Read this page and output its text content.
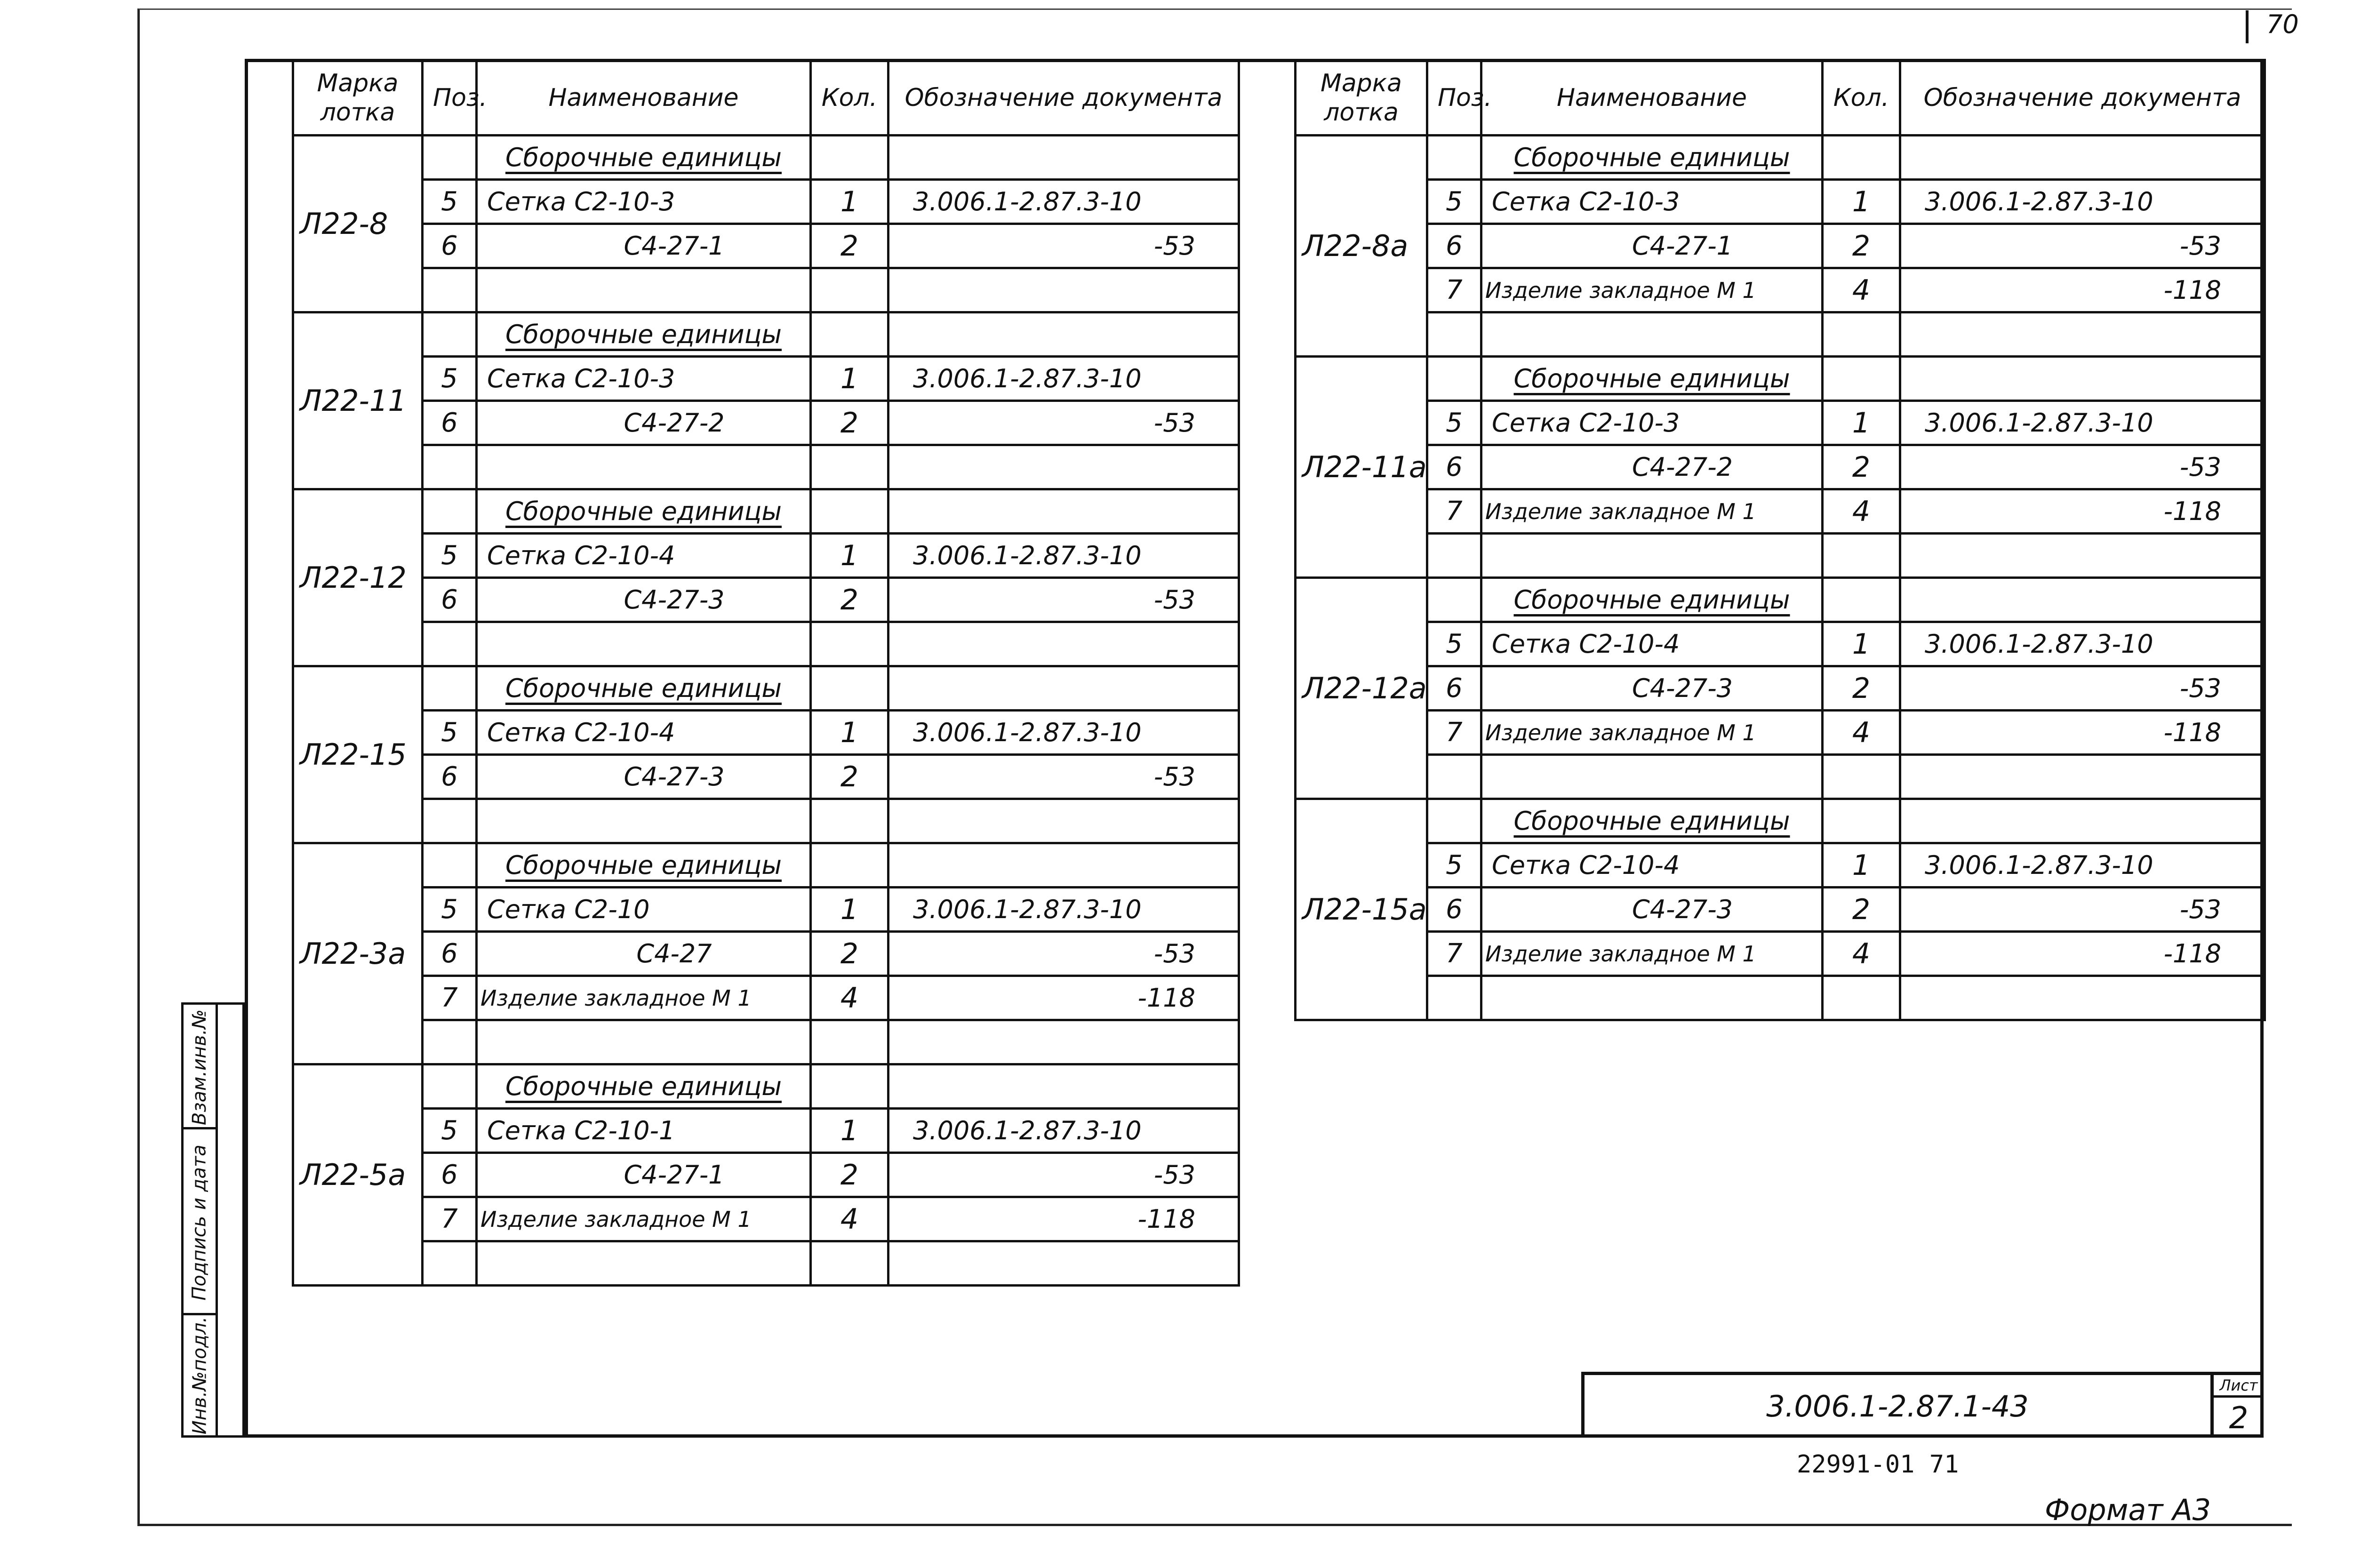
70
Марка лотка	Поз.	Наименование	Кол.	Обозначение документа
Л22-8		Сборочные единицы		
	5	Сетка С2-10-3	1	3.006.1-2.87.3-10
	6	С4-27-1	2	-53

Л22-11		Сборочные единицы		
	5	Сетка С2-10-3	1	3.006.1-2.87.3-10
	6	С4-27-2	2	-53

Л22-12		Сборочные единицы		
	5	Сетка С2-10-4	1	3.006.1-2.87.3-10
	6	С4-27-3	2	-53

Л22-15		Сборочные единицы		
	5	Сетка С2-10-4	1	3.006.1-2.87.3-10
	6	С4-27-3	2	-53

Л22-3а		Сборочные единицы		
	5	Сетка С2-10	1	3.006.1-2.87.3-10
	6	С4-27	2	-53
	7	Изделие закладное М 1	4	-118

Л22-5а		Сборочные единицы		
	5	Сетка С2-10-1	1	3.006.1-2.87.3-10
	6	С4-27-1	2	-53
	7	Изделие закладное М 1	4	-118

Марка лотка	Поз.	Наименование	Кол.	Обозначение документа
Л22-8а		Сборочные единицы		
	5	Сетка С2-10-3	1	3.006.1-2.87.3-10
	6	С4-27-1	2	-53
	7	Изделие закладное М 1	4	-118

Л22-11а		Сборочные единицы		
	5	Сетка С2-10-3	1	3.006.1-2.87.3-10
	6	С4-27-2	2	-53
	7	Изделие закладное М 1	4	-118

Л22-12а		Сборочные единицы		
	5	Сетка С2-10-4	1	3.006.1-2.87.3-10
	6	С4-27-3	2	-53
	7	Изделие закладное М 1	4	-118

Л22-15а		Сборочные единицы		
	5	Сетка С2-10-4	1	3.006.1-2.87.3-10
	6	С4-27-3	2	-53
	7	Изделие закладное М 1	4	-118

Взам.инв.№
Подпись и дата
Инв.№подл.	3.006.1-2.87.1-43
Лист
2
22991-01 71
Формат А3
